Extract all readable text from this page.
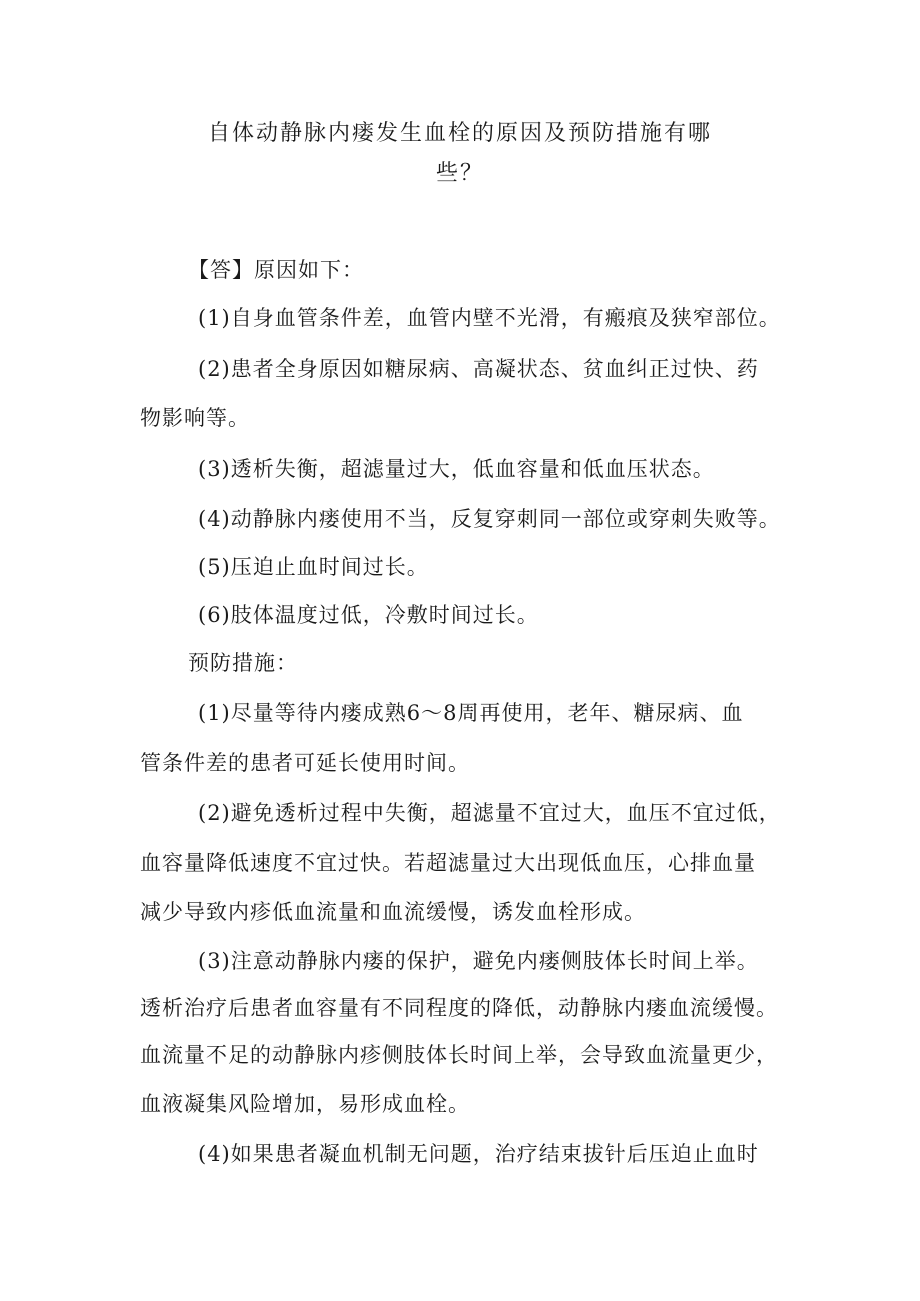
自体动静脉内瘘发生血栓的原因及预防措施有哪
些？
【答】原因如下：
(1)自身血管条件差，血管内壁不光滑，有瘢痕及狭窄部位。
(2)患者全身原因如糖尿病、高凝状态、贫血纠正过快、药
物影响等。
(3)透析失衡，超滤量过大，低血容量和低血压状态。
(4)动静脉内瘘使用不当，反复穿刺同一部位或穿刺失败等。
(5)压迫止血时间过长。
(6)肢体温度过低，冷敷时间过长。
预防措施：
(1)尽量等待内瘘成熟6～8周再使用，老年、糖尿病、血
管条件差的患者可延长使用时间。
(2)避免透析过程中失衡，超滤量不宜过大，血压不宜过低，
血容量降低速度不宜过快。若超滤量过大出现低血压，心排血量
减少导致内疹低血流量和血流缓慢，诱发血栓形成。
(3)注意动静脉内瘘的保护，避免内瘘侧肢体长时间上举。
透析治疗后患者血容量有不同程度的降低，动静脉内瘘血流缓慢。
血流量不足的动静脉内疹侧肢体长时间上举，会导致血流量更少，
血液凝集风险增加，易形成血栓。
(4)如果患者凝血机制无问题，治疗结束拔针后压迫止血时
